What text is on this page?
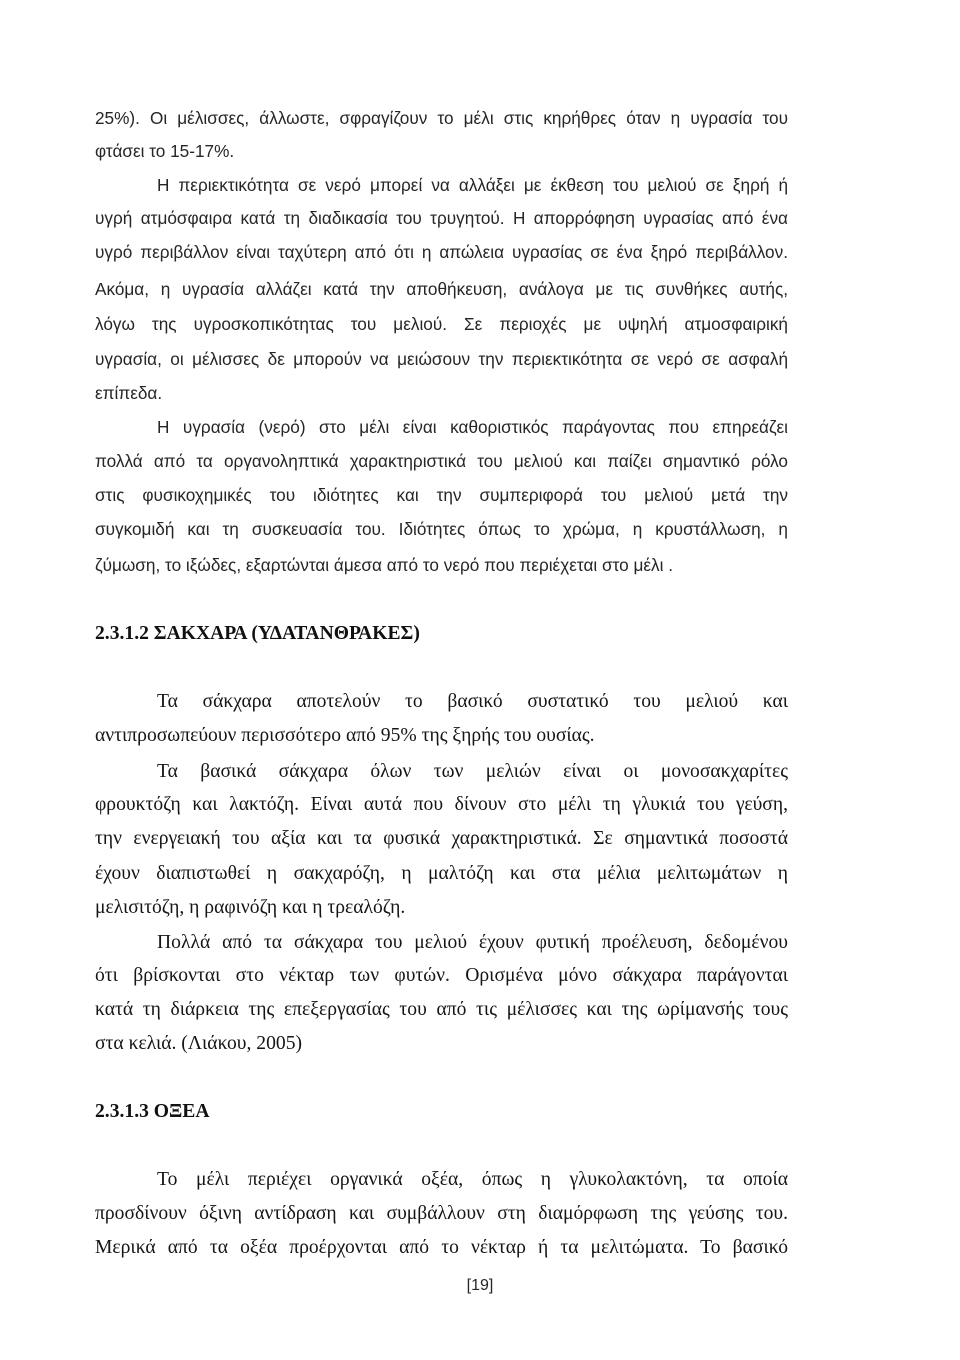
25%). Οι μέλισσες, άλλωστε, σφραγίζουν το μέλι στις κηρήθρες όταν η υγρασία του
φτάσει το 15-17%.
Η περιεκτικότητα σε νερό μπορεί να αλλάξει με έκθεση του μελιού σε ξηρή ή
υγρή ατμόσφαιρα κατά τη διαδικασία του τρυγητού. Η απορρόφηση υγρασίας από ένα
υγρό περιβάλλον είναι ταχύτερη από ότι η απώλεια υγρασίας σε ένα ξηρό περιβάλλον.
Ακόμα, η υγρασία αλλάζει κατά την αποθήκευση, ανάλογα με τις συνθήκες αυτής,
λόγω της υγροσκοπικότητας του μελιού. Σε περιοχές με υψηλή ατμοσφαιρική
υγρασία, οι μέλισσες δε μπορούν να μειώσουν την περιεκτικότητα σε νερό σε ασφαλή
επίπεδα.
Η υγρασία (νερό) στο μέλι είναι καθοριστικός παράγοντας που επηρεάζει
πολλά από τα οργανοληπτικά χαρακτηριστικά του μελιού και παίζει σημαντικό ρόλο
στις φυσικοχημικές του ιδιότητες και την συμπεριφορά του μελιού μετά την
συγκομιδή και τη συσκευασία του. Ιδιότητες όπως το χρώμα, η κρυστάλλωση, η
ζύμωση, το ιξώδες, εξαρτώνται άμεσα από το νερό που περιέχεται στο μέλι .
2.3.1.2 ΣΑΚΧΑΡΑ (ΥΔΑΤΑΝΘΡΑΚΕΣ)
Τα σάκχαρα αποτελούν το βασικό συστατικό του μελιού και
αντιπροσωπεύουν περισσότερο από 95% της ξηρής του ουσίας.
Τα βασικά σάκχαρα όλων των μελιών είναι οι μονοσακχαρίτες
φρουκτόζη και λακτόζη. Είναι αυτά που δίνουν στο μέλι τη γλυκιά του γεύση,
την ενεργειακή του αξία και τα φυσικά χαρακτηριστικά. Σε σημαντικά ποσοστά
έχουν διαπιστωθεί η σακχαρόζη, η μαλτόζη και στα μέλια μελιτωμάτων η
μελισιτόζη, η ραφινόζη και η τρεαλόζη.
Πολλά από τα σάκχαρα του μελιού έχουν φυτική προέλευση, δεδομένου
ότι βρίσκονται στο νέκταρ των φυτών. Ορισμένα μόνο σάκχαρα παράγονται
κατά τη διάρκεια της επεξεργασίας του από τις μέλισσες και της ωρίμανσής τους
στα κελιά. (Λιάκου, 2005)
2.3.1.3 ΟΞΕΑ
Το μέλι περιέχει οργανικά οξέα, όπως η γλυκολακτόνη, τα οποία
προσδίνουν όξινη αντίδραση και συμβάλλουν στη διαμόρφωση της γεύσης του.
Μερικά από τα οξέα προέρχονται από το νέκταρ ή τα μελιτώματα. Το βασικό
[19]
